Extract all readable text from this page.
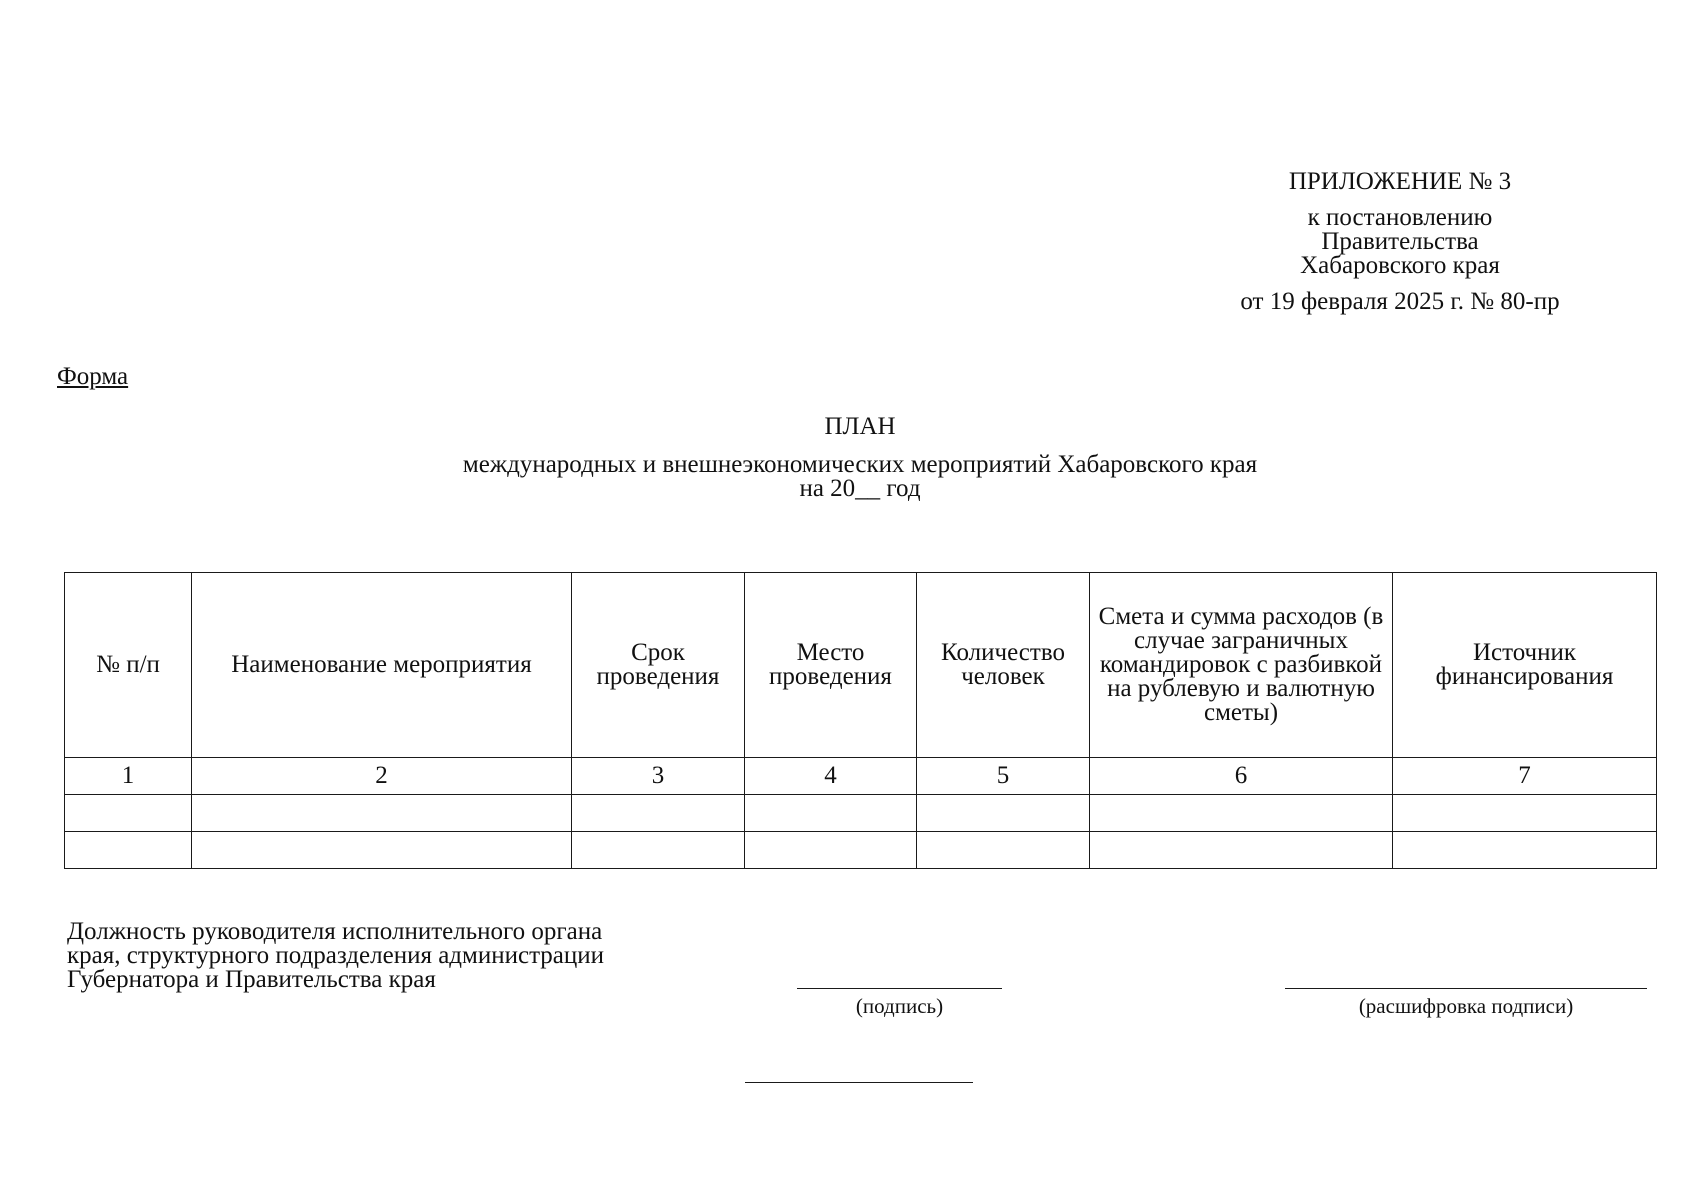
ПРИЛОЖЕНИЕ № 3
к постановлению
Правительства
Хабаровского края
от 19 февраля 2025 г. № 80-пр
Форма
ПЛАН
международных и внешнеэкономических мероприятий Хабаровского края
на 20__ год
№ п/п	Наименование мероприятия	Срок проведения	Место проведения	Количество человек	Смета и сумма расходов (в случае заграничных командировок с разбивкой на рублевую и валютную сметы)	Источник финансирования
1	2	3	4	5	6	7

Должность руководителя исполнительного органа
края, структурного подразделения администрации
Губернатора и Правительства края
(подпись)	(расшифровка подписи)
